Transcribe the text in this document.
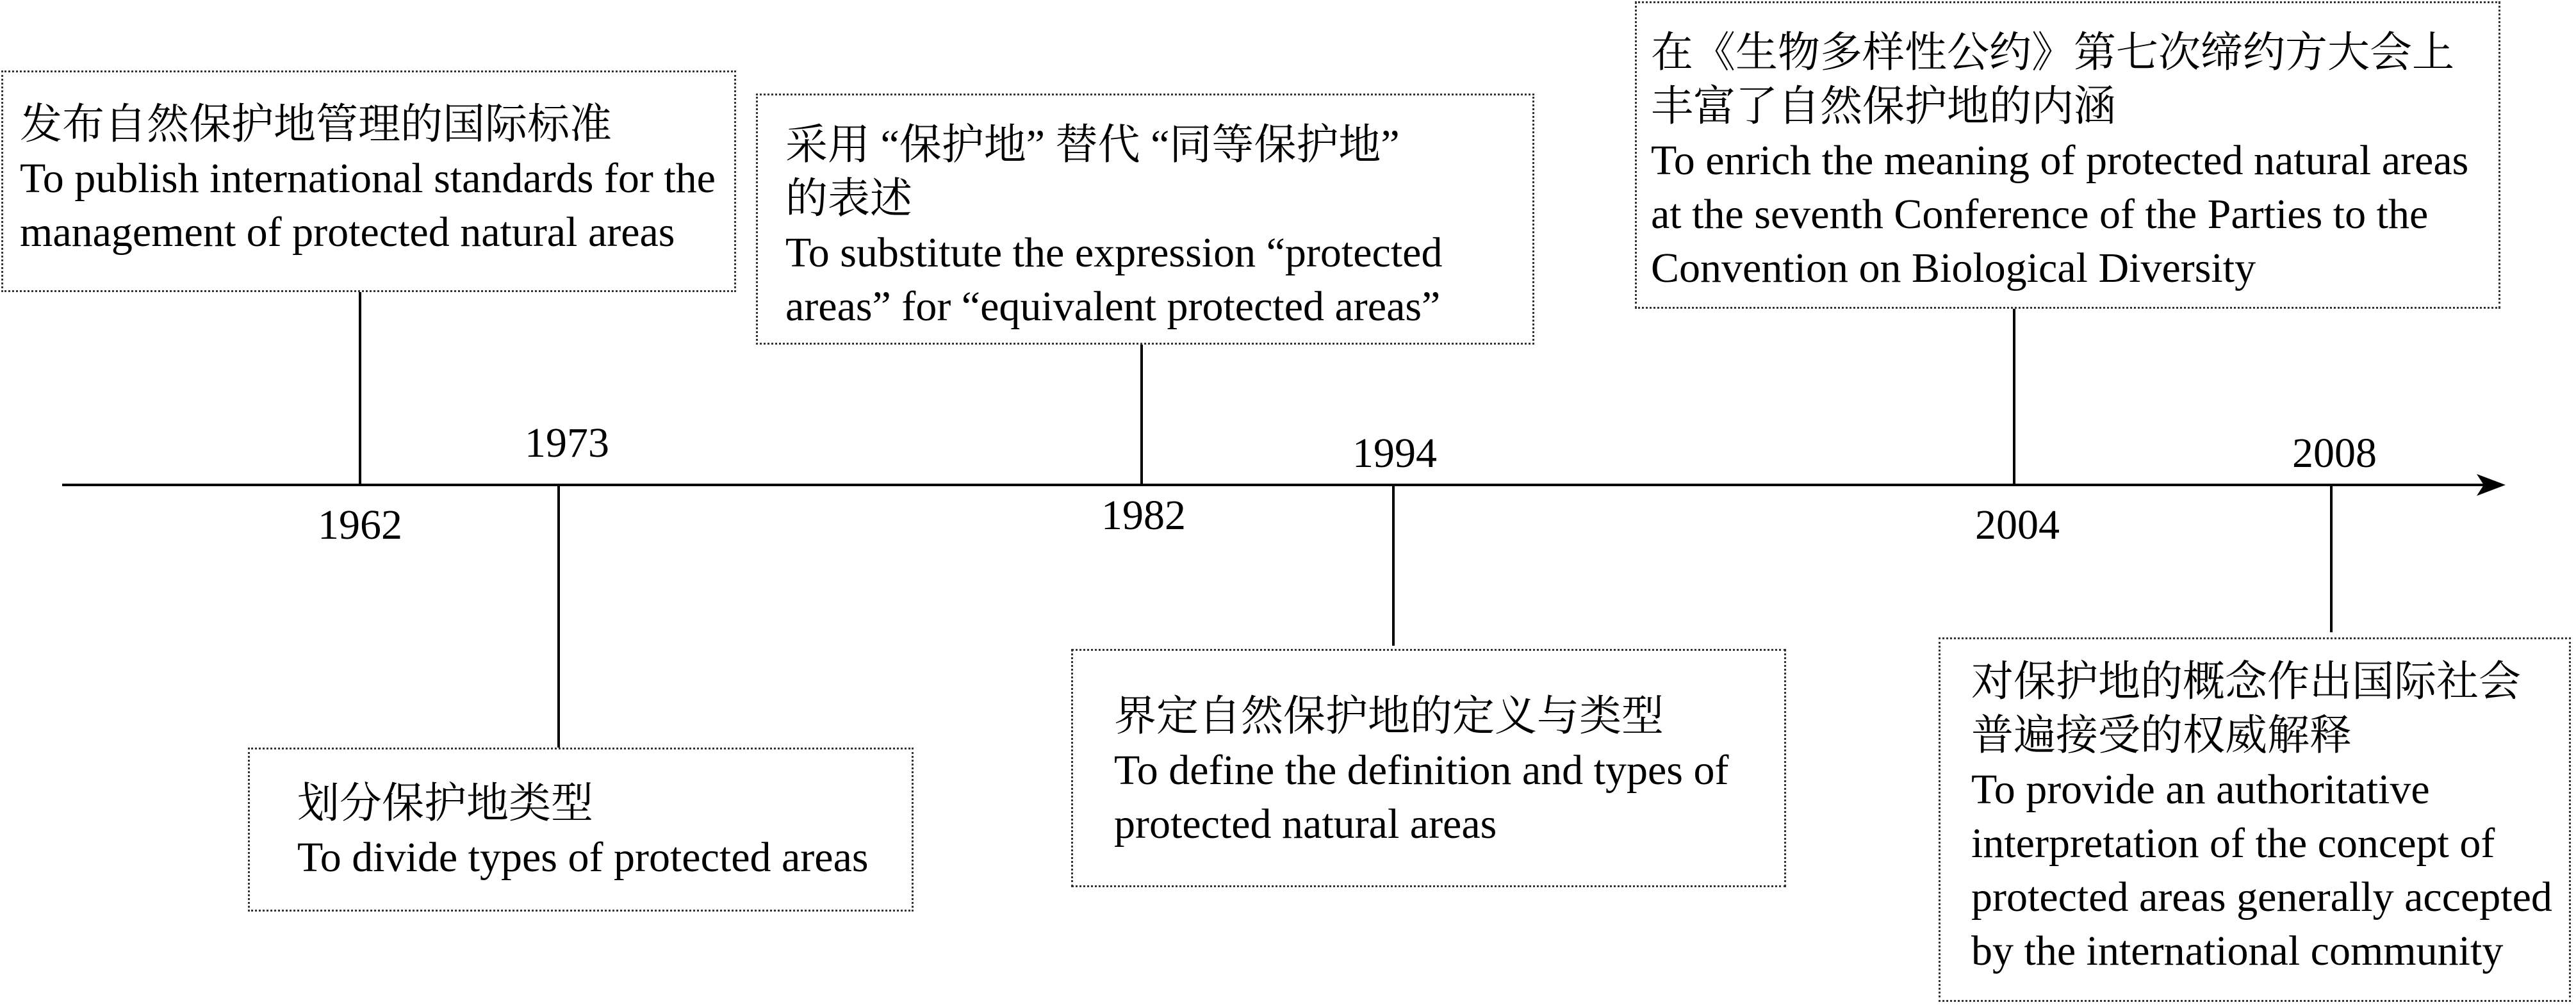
1962
1973
1982
1994
2004
2008
发布自然保护地管理的国际标准
To publish international standards for the
management of protected natural areas
采用 “保护地” 替代 “同等保护地”
的表述
To substitute the expression “protected
areas” for “equivalent protected areas”
在《生物多样性公约》第七次缔约方大会上
丰富了自然保护地的内涵
To enrich the meaning of protected natural areas
at the seventh Conference of the Parties to the
Convention on Biological Diversity
划分保护地类型
To divide types of protected areas
界定自然保护地的定义与类型
To define the definition and types of
protected natural areas
对保护地的概念作出国际社会
普遍接受的权威解释
To provide an authoritative
interpretation of the concept of
protected areas generally accepted
by the international community
